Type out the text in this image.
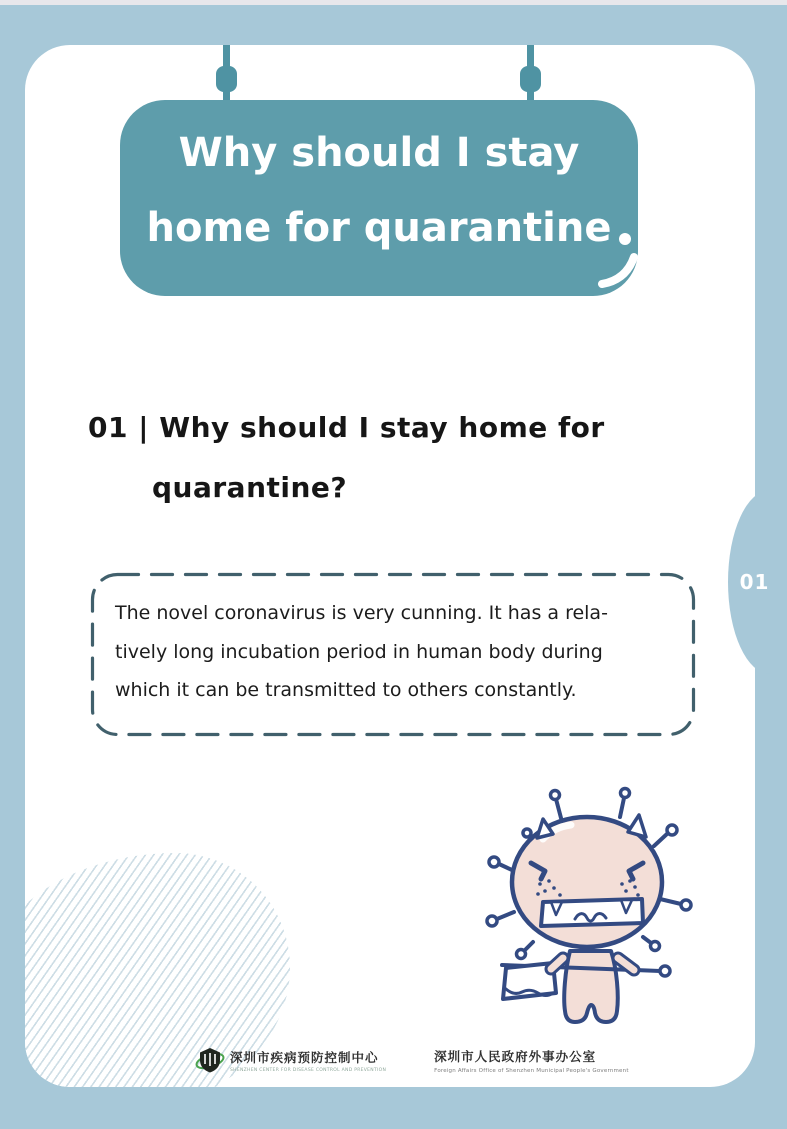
Why should I stay
home for quarantine
01 | Why should I stay home for
quarantine?
The novel coronavirus is very cunning. It has a rela-
tively long incubation period in human body during
which it can be transmitted to others constantly.
01
深圳市疾病预防控制中心
SHENZHEN CENTER FOR DISEASE CONTROL AND PREVENTION
深圳市人民政府外事办公室
Foreign Affairs Office of Shenzhen Municipal People's Government
